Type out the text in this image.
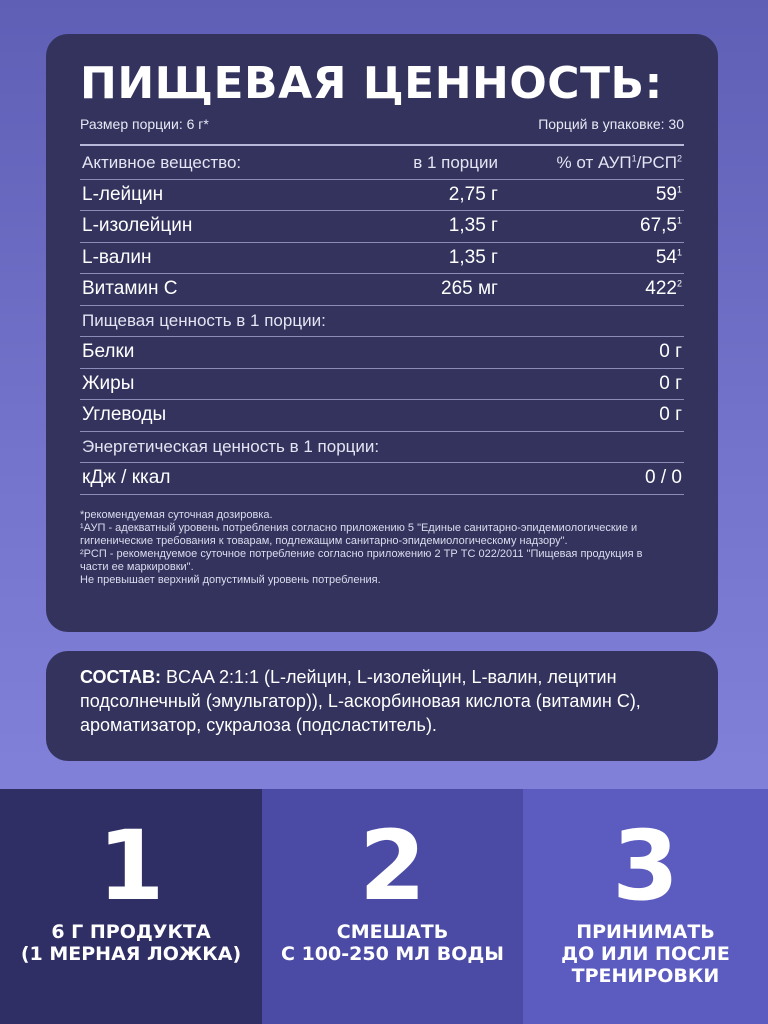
ПИЩЕВАЯ ЦЕННОСТЬ:
Размер порции: 6 г*	Порций в упаковке: 30
Активное вещество:	в 1 порции	% от АУП$^1$/РСП$^2$
L-лейцин	2,75 г	$59^1$
L-изолейцин	1,35 г	67,5$^1$
L-валин	1,35 г	$54^1$
Витамин С	265 мг	$422^2$
Пищевая ценность в 1 порции:		
Белки		0 г
Жиры		0 г
Углеводы		0 г
Энергетическая ценность в 1 порции:		
кДж / ккал		0 / 0
*рекомендуемая суточная дозировка.
¹АУП - адекватный уровень потребления согласно приложению 5 "Единые санитарно-эпидемиологические и
гигиенические требования к товарам, подлежащим санитарно-эпидемиологическому надзору".
²РСП - рекомендуемое суточное потребление согласно приложению 2 ТР ТС 022/2011 "Пищевая продукция в
части ее маркировки".
Не превышает верхний допустимый уровень потребления.
СОСТАВ: BCAA 2:1:1 (L-лейцин, L-изолейцин, L-валин, лецитин подсолнечный (эмульгатор)), L-аскорбиновая кислота (витамин С), ароматизатор, сукралоза (подсластитель).
1
6 Г ПРОДУКТА
(1 МЕРНАЯ ЛОЖКА)
2
СМЕШАТЬ
С 100-250 МЛ ВОДЫ
3
ПРИНИМАТЬ
ДО ИЛИ ПОСЛЕ
ТРЕНИРОВКИ
